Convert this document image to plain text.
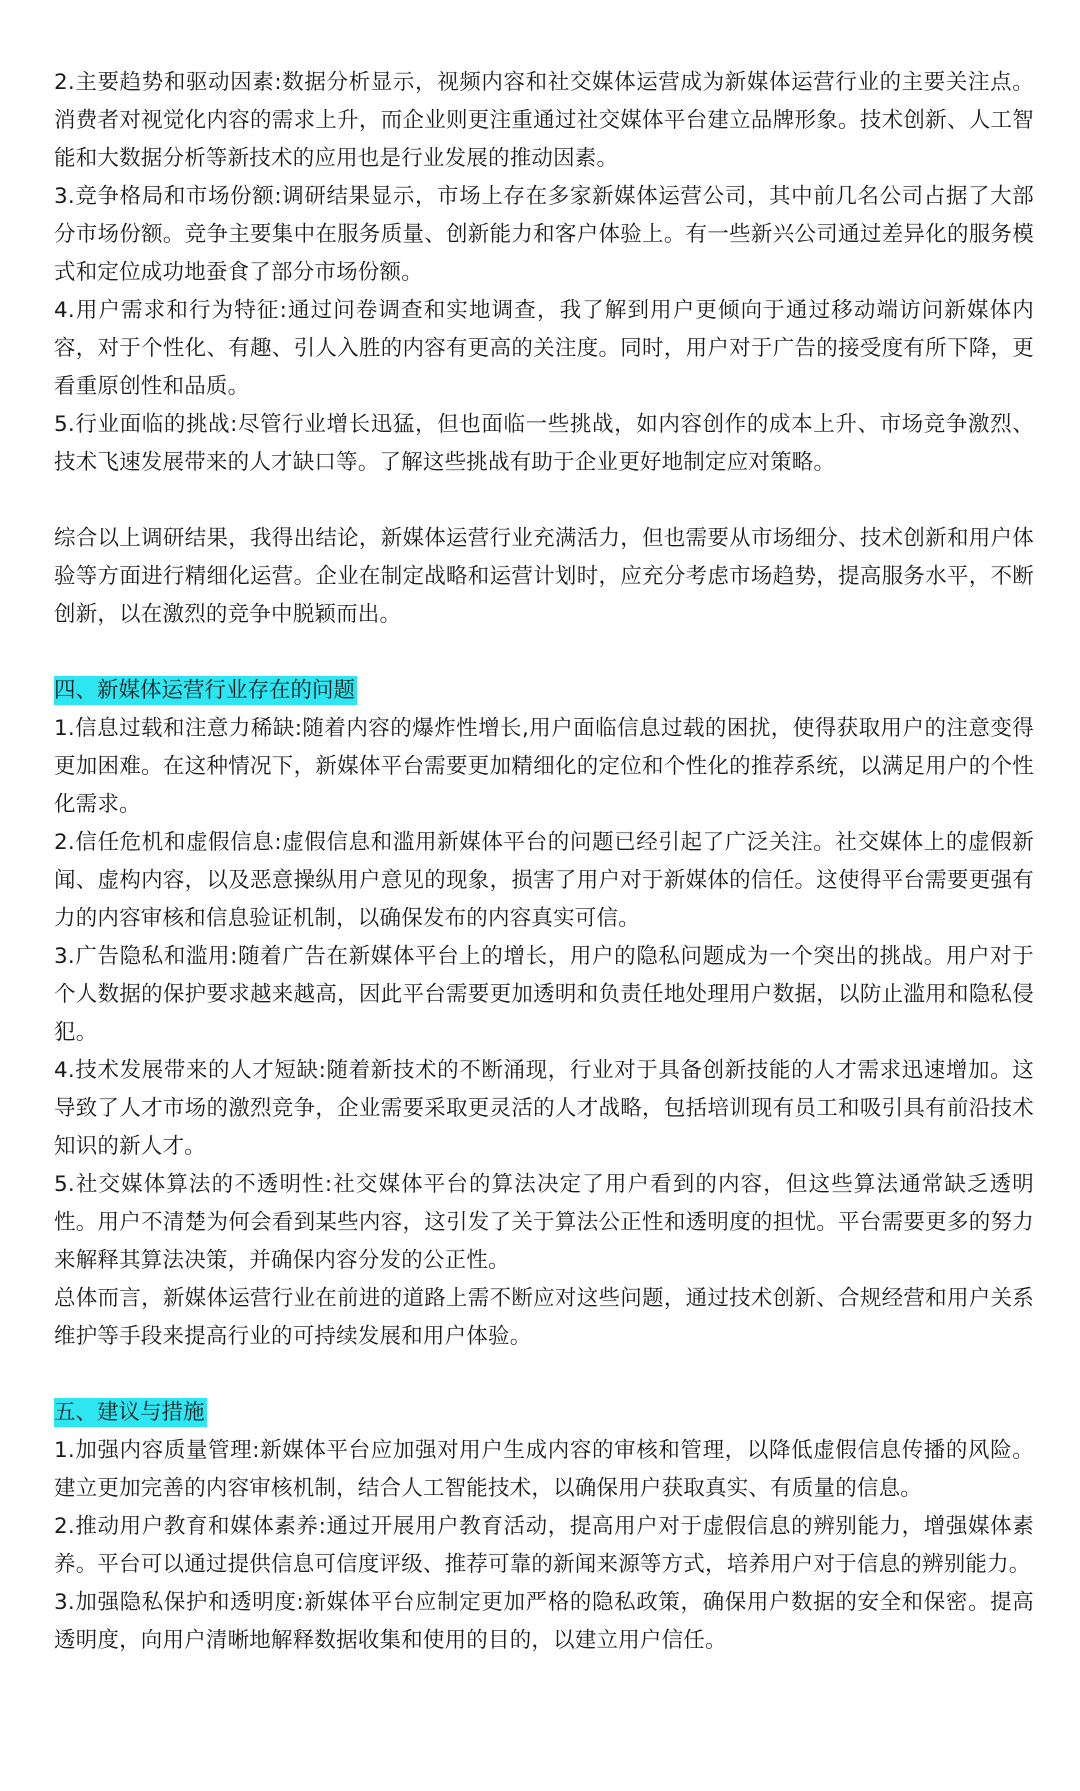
2.主要趋势和驱动因素:数据分析显示，视频内容和社交媒体运营成为新媒体运营行业的主要关注点。消费者对视觉化内容的需求上升，而企业则更注重通过社交媒体平台建立品牌形象。技术创新、人工智能和大数据分析等新技术的应用也是行业发展的推动因素。

3.竞争格局和市场份额:调研结果显示，市场上存在多家新媒体运营公司，其中前几名公司占据了大部分市场份额。竞争主要集中在服务质量、创新能力和客户体验上。有一些新兴公司通过差异化的服务模式和定位成功地蚕食了部分市场份额。

4.用户需求和行为特征:通过问卷调查和实地调查，我了解到用户更倾向于通过移动端访问新媒体内容，对于个性化、有趣、引人入胜的内容有更高的关注度。同时，用户对于广告的接受度有所下降，更看重原创性和品质。

5.行业面临的挑战:尽管行业增长迅猛，但也面临一些挑战，如内容创作的成本上升、市场竞争激烈、技术飞速发展带来的人才缺口等。了解这些挑战有助于企业更好地制定应对策略。

综合以上调研结果，我得出结论，新媒体运营行业充满活力，但也需要从市场细分、技术创新和用户体验等方面进行精细化运营。企业在制定战略和运营计划时，应充分考虑市场趋势，提高服务水平，不断创新，以在激烈的竞争中脱颖而出。

四、新媒体运营行业存在的问题

1.信息过载和注意力稀缺:随着内容的爆炸性增长,用户面临信息过载的困扰，使得获取用户的注意变得更加困难。在这种情况下，新媒体平台需要更加精细化的定位和个性化的推荐系统，以满足用户的个性化需求。

2.信任危机和虚假信息:虚假信息和滥用新媒体平台的问题已经引起了广泛关注。社交媒体上的虚假新闻、虚构内容，以及恶意操纵用户意见的现象，损害了用户对于新媒体的信任。这使得平台需要更强有力的内容审核和信息验证机制，以确保发布的内容真实可信。

3.广告隐私和滥用:随着广告在新媒体平台上的增长，用户的隐私问题成为一个突出的挑战。用户对于个人数据的保护要求越来越高，因此平台需要更加透明和负责任地处理用户数据，以防止滥用和隐私侵犯。

4.技术发展带来的人才短缺:随着新技术的不断涌现，行业对于具备创新技能的人才需求迅速增加。这导致了人才市场的激烈竞争，企业需要采取更灵活的人才战略，包括培训现有员工和吸引具有前沿技术知识的新人才。

5.社交媒体算法的不透明性:社交媒体平台的算法决定了用户看到的内容，但这些算法通常缺乏透明性。用户不清楚为何会看到某些内容，这引发了关于算法公正性和透明度的担忧。平台需要更多的努力来解释其算法决策，并确保内容分发的公正性。

总体而言，新媒体运营行业在前进的道路上需不断应对这些问题，通过技术创新、合规经营和用户关系维护等手段来提高行业的可持续发展和用户体验。

五、建议与措施

1.加强内容质量管理:新媒体平台应加强对用户生成内容的审核和管理，以降低虚假信息传播的风险。建立更加完善的内容审核机制，结合人工智能技术，以确保用户获取真实、有质量的信息。

2.推动用户教育和媒体素养:通过开展用户教育活动，提高用户对于虚假信息的辨别能力，增强媒体素养。平台可以通过提供信息可信度评级、推荐可靠的新闻来源等方式，培养用户对于信息的辨别能力。

3.加强隐私保护和透明度:新媒体平台应制定更加严格的隐私政策，确保用户数据的安全和保密。提高透明度，向用户清晰地解释数据收集和使用的目的，以建立用户信任。
